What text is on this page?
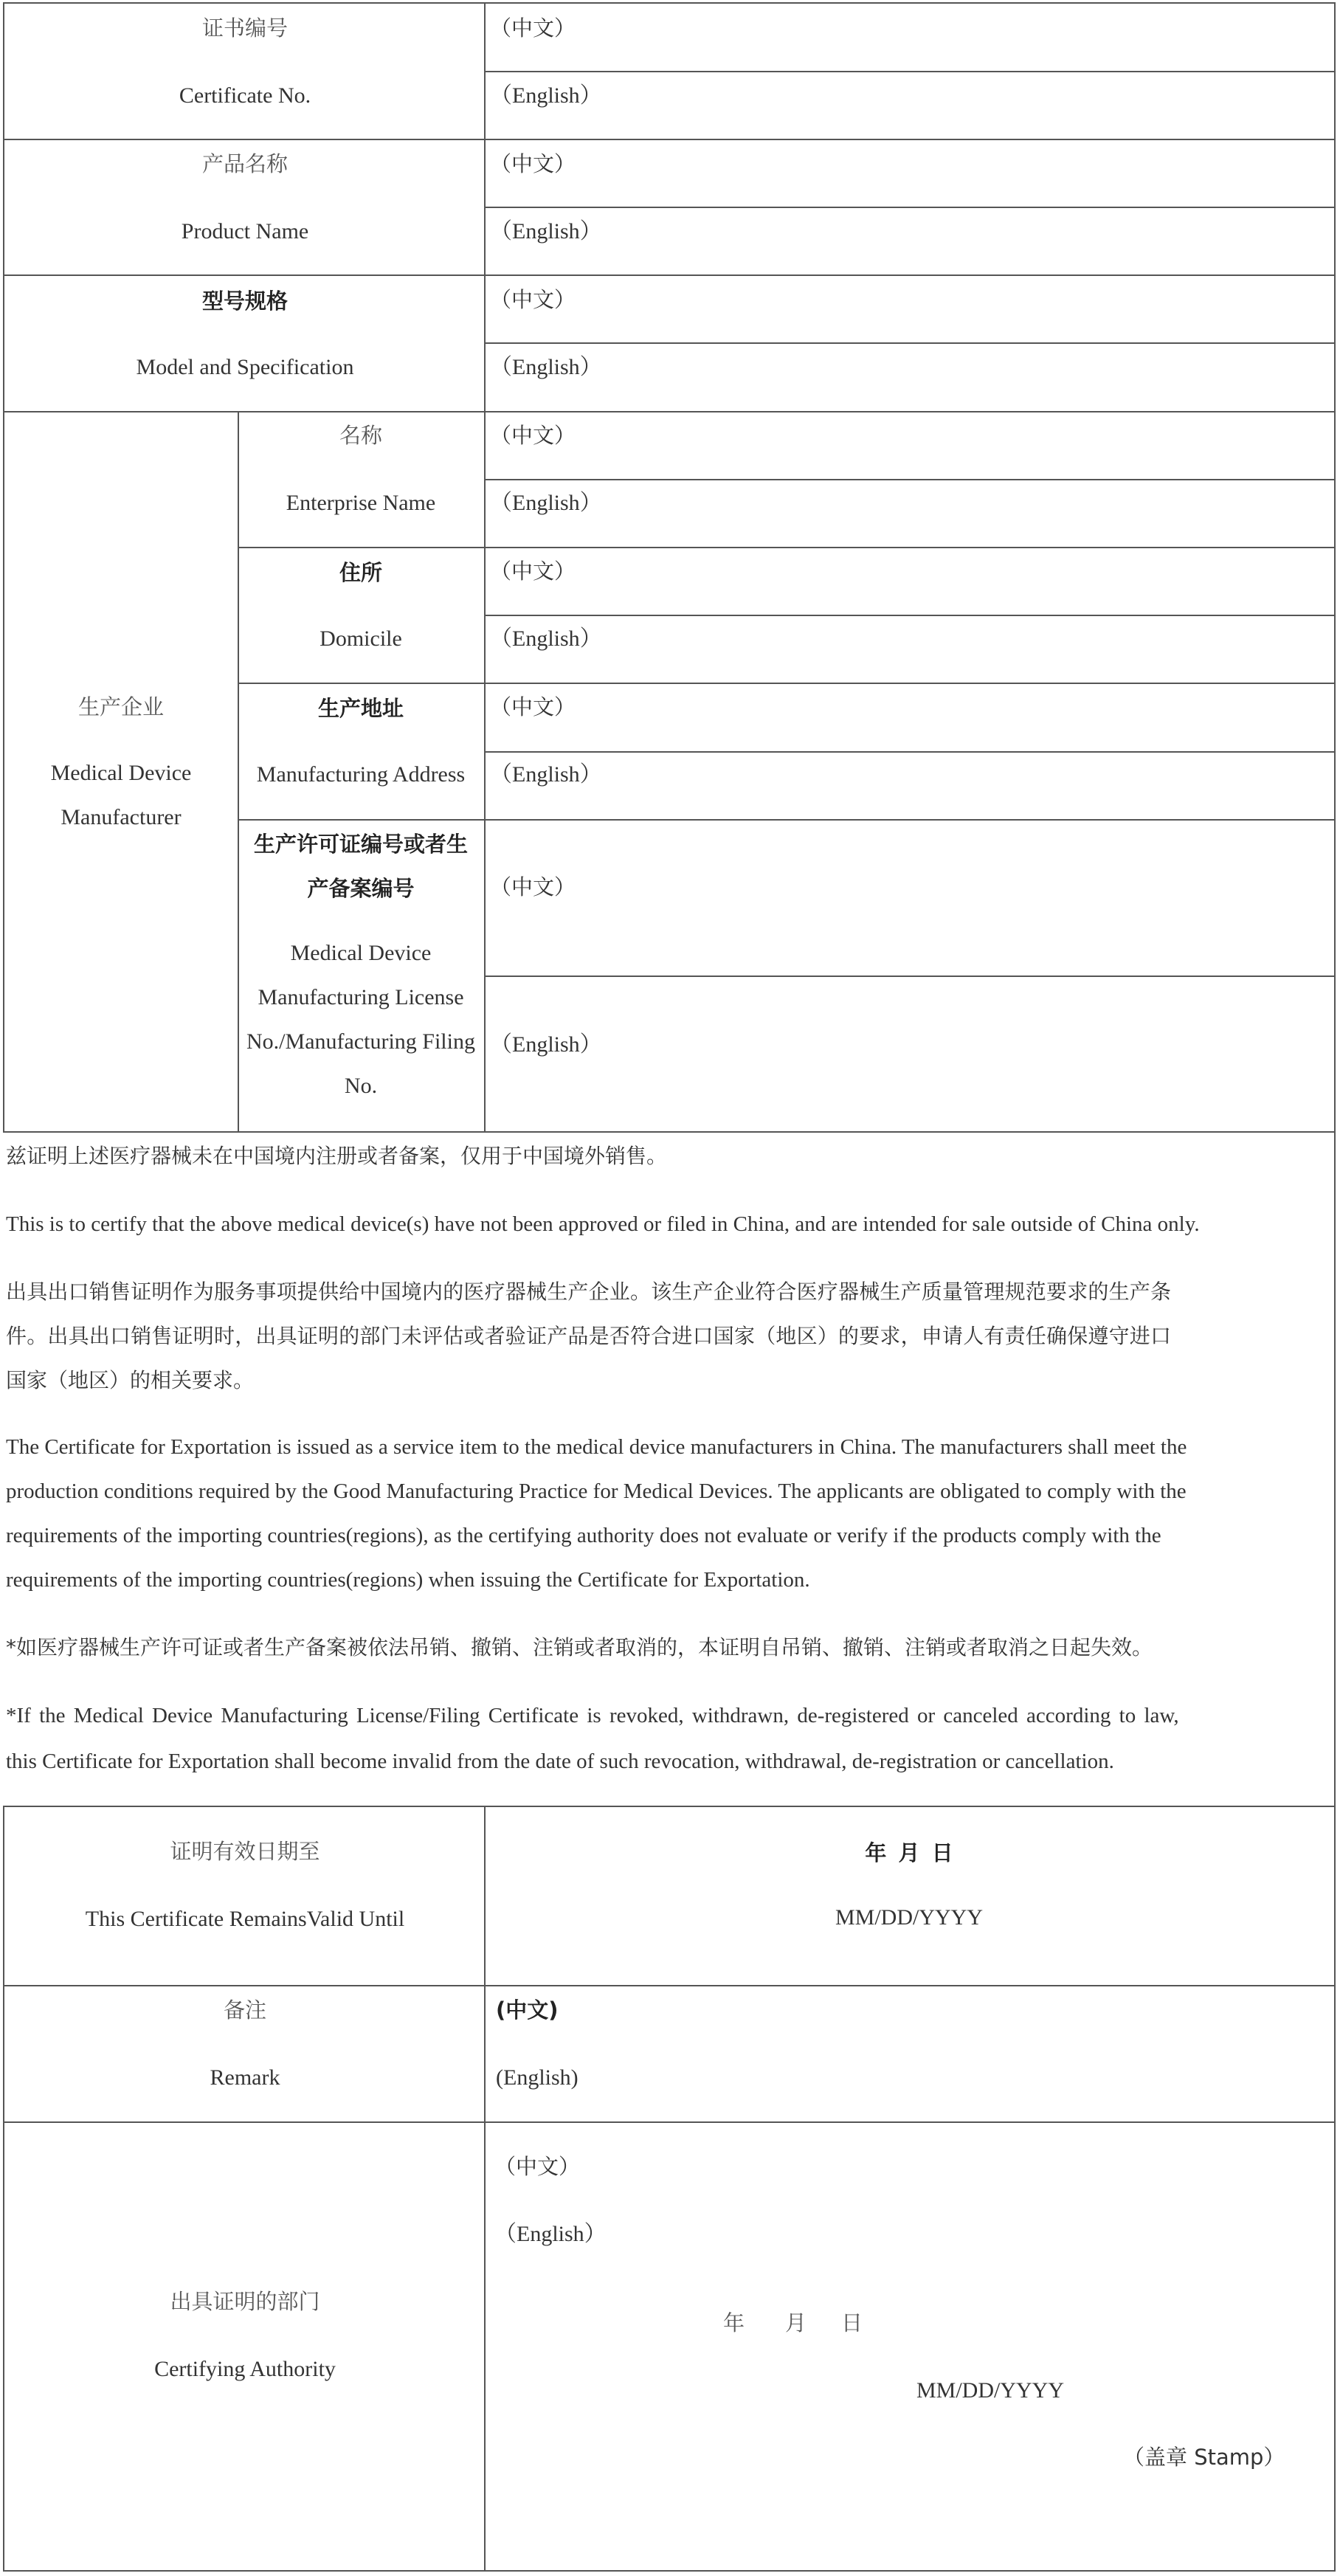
证书编号
Certificate No.
（中文）
（English）
产品名称
Product Name
（中文）
（English）
型号规格
Model and Specification
（中文）
（English）
生产企业
Medical Device
Manufacturer
名称
Enterprise Name
（中文）
（English）
住所
Domicile
（中文）
（English）
生产地址
Manufacturing Address
（中文）
（English）
生产许可证编号或者生
产备案编号
Medical Device
Manufacturing License
No./Manufacturing Filing
No.
（中文）
（English）
兹证明上述医疗器械未在中国境内注册或者备案，仅用于中国境外销售。
This is to certify that the above medical device(s) have not been approved or filed in China, and are intended for sale outside of China only.
出具出口销售证明作为服务事项提供给中国境内的医疗器械生产企业。该生产企业符合医疗器械生产质量管理规范要求的生产条
件。出具出口销售证明时，出具证明的部门未评估或者验证产品是否符合进口国家（地区）的要求，申请人有责任确保遵守进口
国家（地区）的相关要求。
The Certificate for Exportation is issued as a service item to the medical device manufacturers in China. The manufacturers shall meet the
production conditions required by the Good Manufacturing Practice for Medical Devices. The applicants are obligated to comply with the
requirements of the importing countries(regions), as the certifying authority does not evaluate or verify if the products comply with the
requirements of the importing countries(regions) when issuing the Certificate for Exportation.
*如医疗器械生产许可证或者生产备案被依法吊销、撤销、注销或者取消的，本证明自吊销、撤销、注销或者取消之日起失效。
*If the Medical Device Manufacturing License/Filing Certificate is revoked, withdrawn, de-registered or canceled according to law,
this Certificate for Exportation shall become invalid from the date of such revocation, withdrawal, de-registration or cancellation.
证明有效日期至
This Certificate RemainsValid Until
年 月 日
MM/DD/YYYY
备注
Remark
(中文)
(English)
出具证明的部门
Certifying Authority
（中文）
（English）
年 月 日
MM/DD/YYYY
（盖章 Stamp）
